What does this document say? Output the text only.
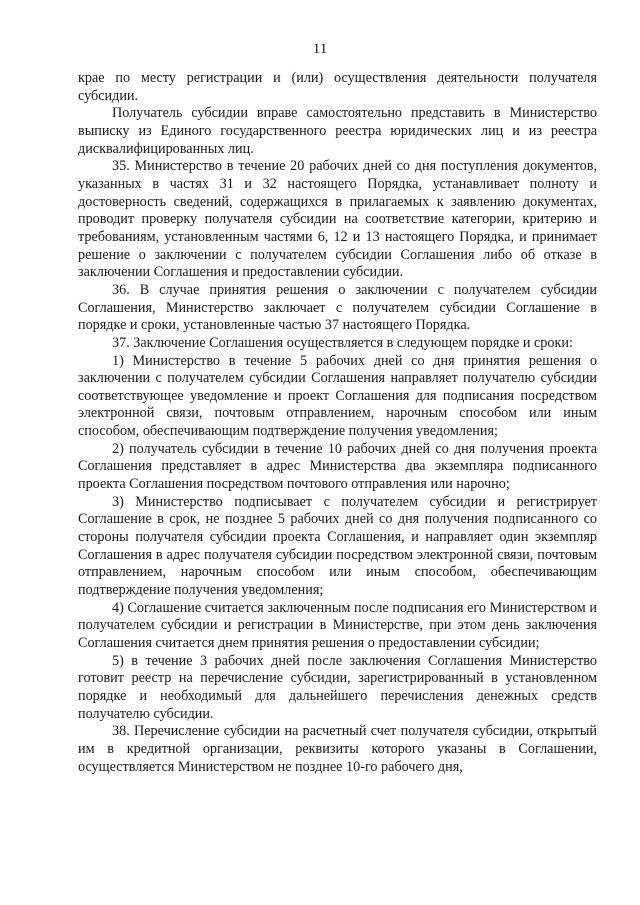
11

крае по месту регистрации и (или) осуществления деятельности получателя субсидии.

Получатель субсидии вправе самостоятельно представить в Министерство выписку из Единого государственного реестра юридических лиц и из реестра дисквалифицированных лиц.

35. Министерство в течение 20 рабочих дней со дня поступления документов, указанных в частях 31 и 32 настоящего Порядка, устанавливает полноту и достоверность сведений, содержащихся в прилагаемых к заявлению документах, проводит проверку получателя субсидии на соответствие категории, критерию и требованиям, установленным частями 6, 12 и 13 настоящего Порядка, и принимает решение о заключении с получателем субсидии Соглашения либо об отказе в заключении Соглашения и предоставлении субсидии.

36. В случае принятия решения о заключении с получателем субсидии Соглашения, Министерство заключает с получателем субсидии Соглашение в порядке и сроки, установленные частью 37 настоящего Порядка.

37. Заключение Соглашения осуществляется в следующем порядке и сроки:

1) Министерство в течение 5 рабочих дней со дня принятия решения о заключении с получателем субсидии Соглашения направляет получателю субсидии соответствующее уведомление и проект Соглашения для подписания посредством электронной связи, почтовым отправлением, нарочным способом или иным способом, обеспечивающим подтверждение получения уведомления;

2) получатель субсидии в течение 10 рабочих дней со дня получения проекта Соглашения представляет в адрес Министерства два экземпляра подписанного проекта Соглашения посредством почтового отправления или нарочно;

3) Министерство подписывает с получателем субсидии и регистрирует Соглашение в срок, не позднее 5 рабочих дней со дня получения подписанного со стороны получателя субсидии проекта Соглашения, и направляет один экземпляр Соглашения в адрес получателя субсидии посредством электронной связи, почтовым отправлением, нарочным способом или иным способом, обеспечивающим подтверждение получения уведомления;

4) Соглашение считается заключенным после подписания его Министерством и получателем субсидии и регистрации в Министерстве, при этом день заключения Соглашения считается днем принятия решения о предоставлении субсидии;

5) в течение 3 рабочих дней после заключения Соглашения Министерство готовит реестр на перечисление субсидии, зарегистрированный в установленном порядке и необходимый для дальнейшего перечисления денежных средств получателю субсидии.

38. Перечисление субсидии на расчетный счет получателя субсидии, открытый им в кредитной организации, реквизиты которого указаны в Соглашении, осуществляется Министерством не позднее 10-го рабочего дня,
